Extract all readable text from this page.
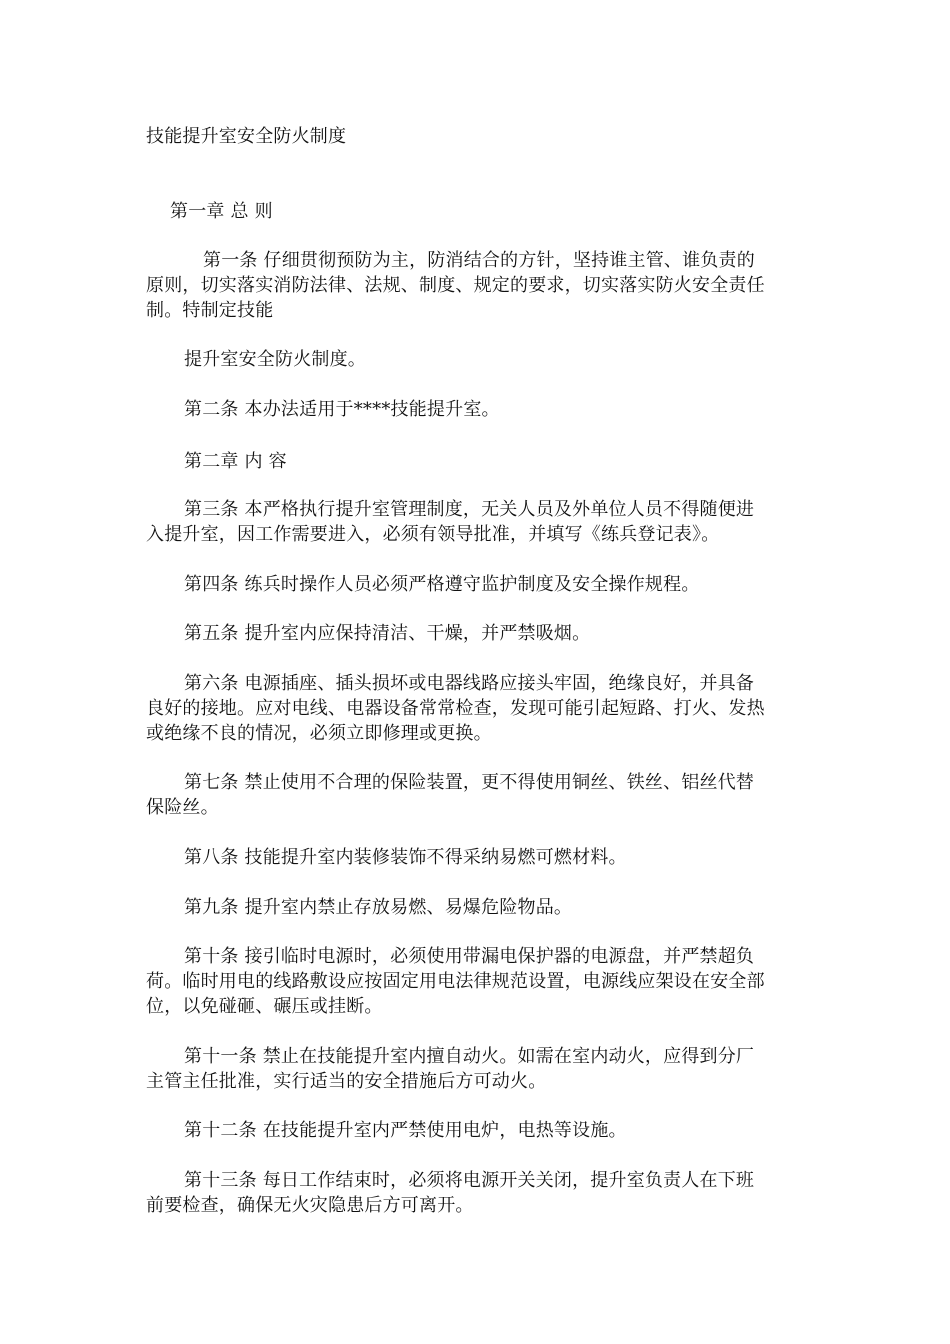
技能提升室安全防火制度
第一章 总 则
第一条 仔细贯彻预防为主，防消结合的方针，坚持谁主管、谁负责的
原则，切实落实消防法律、法规、制度、规定的要求，切实落实防火安全责任
制。特制定技能
提升室安全防火制度。
第二条 本办法适用于****技能提升室。
第二章 内 容
第三条 本严格执行提升室管理制度，无关人员及外单位人员不得随便进
入提升室，因工作需要进入，必须有领导批准，并填写《练兵登记表》。
第四条 练兵时操作人员必须严格遵守监护制度及安全操作规程。
第五条 提升室内应保持清洁、干燥，并严禁吸烟。
第六条 电源插座、插头损坏或电器线路应接头牢固，绝缘良好，并具备
良好的接地。应对电线、电器设备常常检查，发现可能引起短路、打火、发热
或绝缘不良的情况，必须立即修理或更换。
第七条 禁止使用不合理的保险装置，更不得使用铜丝、铁丝、铝丝代替
保险丝。
第八条 技能提升室内装修装饰不得采纳易燃可燃材料。
第九条 提升室内禁止存放易燃、易爆危险物品。
第十条 接引临时电源时，必须使用带漏电保护器的电源盘，并严禁超负
荷。临时用电的线路敷设应按固定用电法律规范设置，电源线应架设在安全部
位，以免碰砸、碾压或挂断。
第十一条 禁止在技能提升室内擅自动火。如需在室内动火，应得到分厂
主管主任批准，实行适当的安全措施后方可动火。
第十二条 在技能提升室内严禁使用电炉，电热等设施。
第十三条 每日工作结束时，必须将电源开关关闭，提升室负责人在下班
前要检查，确保无火灾隐患后方可离开。
